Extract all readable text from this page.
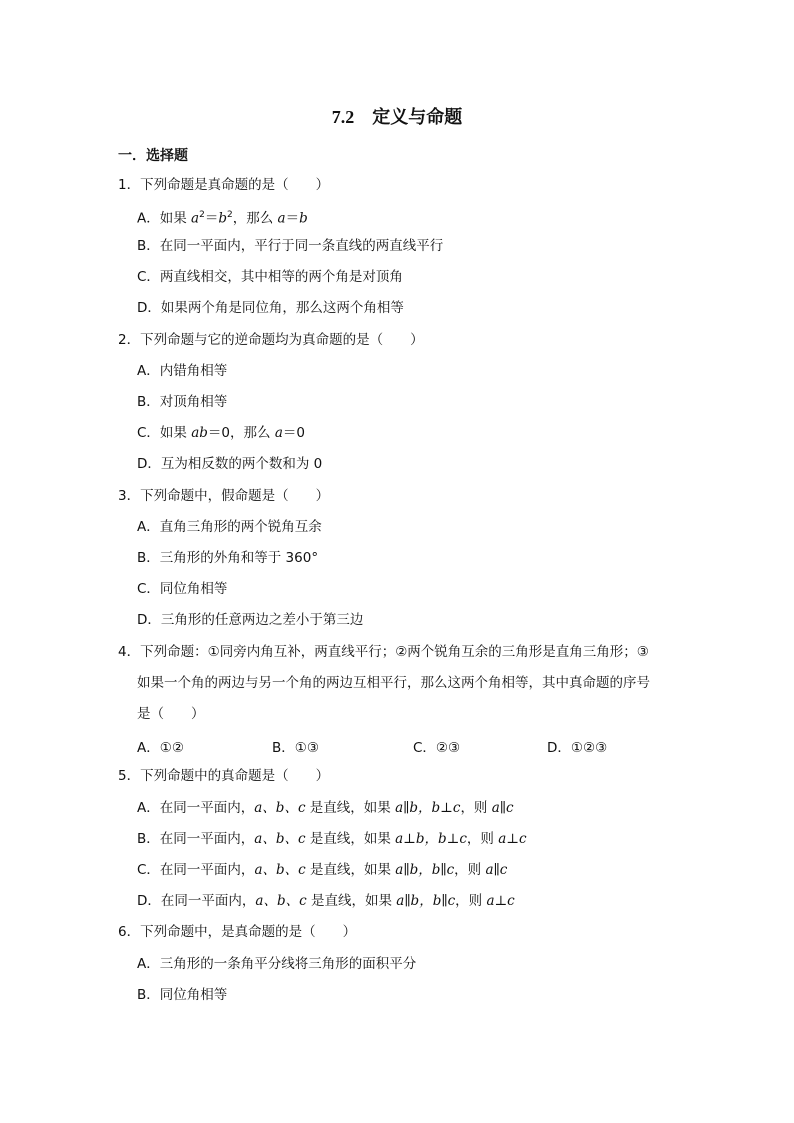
7.2 定义与命题
一．选择题
1．下列命题是真命题的是（　　）
A．如果 $a^2=b^2$，那么 a＝b
B．在同一平面内，平行于同一条直线的两直线平行
C．两直线相交，其中相等的两个角是对顶角
D．如果两个角是同位角，那么这两个角相等
2．下列命题与它的逆命题均为真命题的是（　　）
A．内错角相等
B．对顶角相等
C．如果 ab＝0，那么 a＝0
D．互为相反数的两个数和为 0
3．下列命题中，假命题是（　　）
A．直角三角形的两个锐角互余
B．三角形的外角和等于 360°
C．同位角相等
D．三角形的任意两边之差小于第三边
4．下列命题：①同旁内角互补，两直线平行；②两个锐角互余的三角形是直角三角形；③
如果一个角的两边与另一个角的两边互相平行，那么这两个角相等，其中真命题的序号
是（　　）
A．①②	B．①③	C．②③	D．①②③
5．下列命题中的真命题是（　　）
A．在同一平面内，a、b、c 是直线，如果 a∥b，b⊥c，则 a∥c
B．在同一平面内，a、b、c 是直线，如果 a⊥b，b⊥c，则 a⊥c
C．在同一平面内，a、b、c 是直线，如果 a∥b，b∥c，则 a∥c
D．在同一平面内，a、b、c 是直线，如果 a∥b，b∥c，则 a⊥c
6．下列命题中，是真命题的是（　　）
A．三角形的一条角平分线将三角形的面积平分
B．同位角相等
